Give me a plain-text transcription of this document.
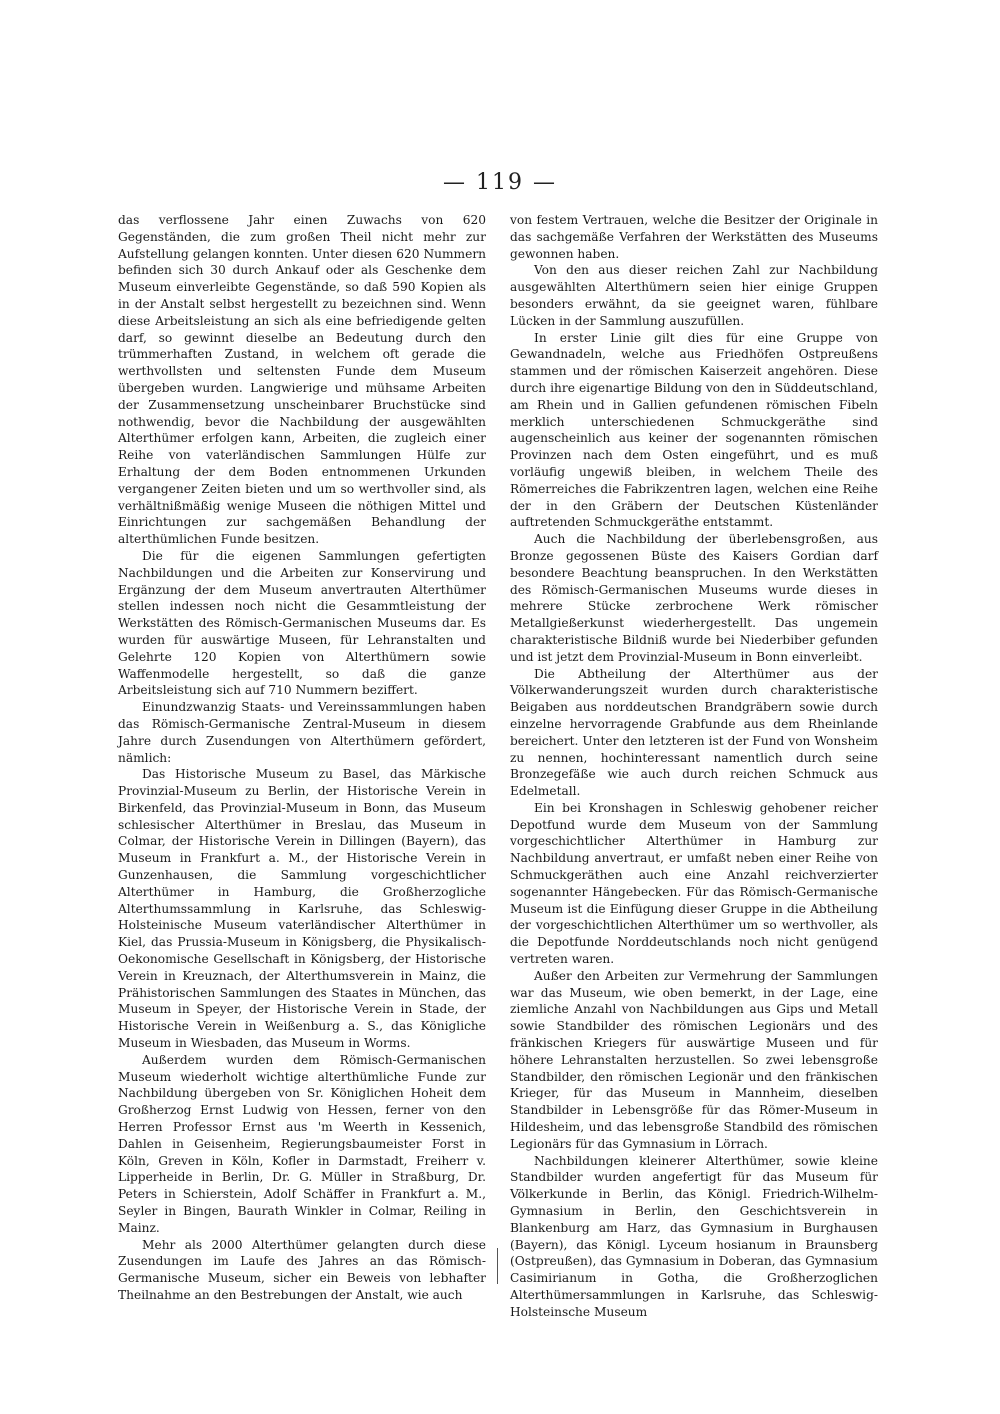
— 119 —

das verflossene Jahr einen Zuwachs von 620 Gegenständen, die zum großen Theil nicht mehr zur Aufstellung gelangen konnten. Unter diesen 620 Nummern befinden sich 30 durch Ankauf oder als Geschenke dem Museum einverleibte Gegenstände, so daß 590 Kopien als in der Anstalt selbst hergestellt zu bezeichnen sind. Wenn diese Arbeitsleistung an sich als eine befriedigende gelten darf, so gewinnt dieselbe an Bedeutung durch den trümmerhaften Zustand, in welchem oft gerade die werthvollsten und seltensten Funde dem Museum übergeben wurden. Langwierige und mühsame Arbeiten der Zusammensetzung unscheinbarer Bruchstücke sind nothwendig, bevor die Nachbildung der ausgewählten Alterthümer erfolgen kann, Arbeiten, die zugleich einer Reihe von vaterländischen Sammlungen Hülfe zur Erhaltung der dem Boden entnommenen Urkunden vergangener Zeiten bieten und um so werthvoller sind, als verhältnißmäßig wenige Museen die nöthigen Mittel und Einrichtungen zur sachgemäßen Behandlung der alterthümlichen Funde besitzen.

Die für die eigenen Sammlungen gefertigten Nachbildungen und die Arbeiten zur Konservirung und Ergänzung der dem Museum anvertrauten Alterthümer stellen indessen noch nicht die Gesammtleistung der Werkstätten des Römisch-Germanischen Museums dar. Es wurden für auswärtige Museen, für Lehranstalten und Gelehrte 120 Kopien von Alterthümern sowie Waffenmodelle hergestellt, so daß die ganze Arbeitsleistung sich auf 710 Nummern beziffert.

Einundzwanzig Staats- und Vereinssammlungen haben das Römisch-Germanische Zentral-Museum in diesem Jahre durch Zusendungen von Alterthümern gefördert, nämlich:

Das Historische Museum zu Basel, das Märkische Provinzial-Museum zu Berlin, der Historische Verein in Birkenfeld, das Provinzial-Museum in Bonn, das Museum schlesischer Alterthümer in Breslau, das Museum in Colmar, der Historische Verein in Dillingen (Bayern), das Museum in Frankfurt a. M., der Historische Verein in Gunzenhausen, die Sammlung vorgeschichtlicher Alterthümer in Hamburg, die Großherzogliche Alterthumssammlung in Karlsruhe, das Schleswig-Holsteinische Museum vaterländischer Alterthümer in Kiel, das Prussia-Museum in Königsberg, die Physikalisch-Oekonomische Gesellschaft in Königsberg, der Historische Verein in Kreuznach, der Alterthumsverein in Mainz, die Prähistorischen Sammlungen des Staates in München, das Museum in Speyer, der Historische Verein in Stade, der Historische Verein in Weißenburg a. S., das Königliche Museum in Wiesbaden, das Museum in Worms.

Außerdem wurden dem Römisch-Germanischen Museum wiederholt wichtige alterthümliche Funde zur Nachbildung übergeben von Sr. Königlichen Hoheit dem Großherzog Ernst Ludwig von Hessen, ferner von den Herren Professor Ernst aus 'm Weerth in Kessenich, Dahlen in Geisenheim, Regierungsbaumeister Forst in Köln, Greven in Köln, Kofler in Darmstadt, Freiherr v. Lipperheide in Berlin, Dr. G. Müller in Straßburg, Dr. Peters in Schierstein, Adolf Schäffer in Frankfurt a. M., Seyler in Bingen, Baurath Winkler in Colmar, Reiling in Mainz.

Mehr als 2000 Alterthümer gelangten durch diese Zusendungen im Laufe des Jahres an das Römisch-Germanische Museum, sicher ein Beweis von lebhafter Theilnahme an den Bestrebungen der Anstalt, wie auch

von festem Vertrauen, welche die Besitzer der Originale in das sachgemäße Verfahren der Werkstätten des Museums gewonnen haben.

Von den aus dieser reichen Zahl zur Nachbildung ausgewählten Alterthümern seien hier einige Gruppen besonders erwähnt, da sie geeignet waren, fühlbare Lücken in der Sammlung auszufüllen.

In erster Linie gilt dies für eine Gruppe von Gewandnadeln, welche aus Friedhöfen Ostpreußens stammen und der römischen Kaiserzeit angehören. Diese durch ihre eigenartige Bildung von den in Süddeutschland, am Rhein und in Gallien gefundenen römischen Fibeln merklich unterschiedenen Schmuckgeräthe sind augenscheinlich aus keiner der sogenannten römischen Provinzen nach dem Osten eingeführt, und es muß vorläufig ungewiß bleiben, in welchem Theile des Römerreiches die Fabrikzentren lagen, welchen eine Reihe der in den Gräbern der Deutschen Küstenländer auftretenden Schmuckgeräthe entstammt.

Auch die Nachbildung der überlebensgroßen, aus Bronze gegossenen Büste des Kaisers Gordian darf besondere Beachtung beanspruchen. In den Werkstätten des Römisch-Germanischen Museums wurde dieses in mehrere Stücke zerbrochene Werk römischer Metallgießerkunst wiederhergestellt. Das ungemein charakteristische Bildniß wurde bei Niederbiber gefunden und ist jetzt dem Provinzial-Museum in Bonn einverleibt.

Die Abtheilung der Alterthümer aus der Völkerwanderungszeit wurden durch charakteristische Beigaben aus norddeutschen Brandgräbern sowie durch einzelne hervorragende Grabfunde aus dem Rheinlande bereichert. Unter den letzteren ist der Fund von Wonsheim zu nennen, hochinteressant namentlich durch seine Bronzegefäße wie auch durch reichen Schmuck aus Edelmetall.

Ein bei Kronshagen in Schleswig gehobener reicher Depotfund wurde dem Museum von der Sammlung vorgeschichtlicher Alterthümer in Hamburg zur Nachbildung anvertraut, er umfaßt neben einer Reihe von Schmuckgeräthen auch eine Anzahl reichverzierter sogenannter Hängebecken. Für das Römisch-Germanische Museum ist die Einfügung dieser Gruppe in die Abtheilung der vorgeschichtlichen Alterthümer um so werthvoller, als die Depotfunde Norddeutschlands noch nicht genügend vertreten waren.

Außer den Arbeiten zur Vermehrung der Sammlungen war das Museum, wie oben bemerkt, in der Lage, eine ziemliche Anzahl von Nachbildungen aus Gips und Metall sowie Standbilder des römischen Legionärs und des fränkischen Kriegers für auswärtige Museen und für höhere Lehranstalten herzustellen. So zwei lebensgroße Standbilder, den römischen Legionär und den fränkischen Krieger, für das Museum in Mannheim, dieselben Standbilder in Lebensgröße für das Römer-Museum in Hildesheim, und das lebensgroße Standbild des römischen Legionärs für das Gymnasium in Lörrach.

Nachbildungen kleinerer Alterthümer, sowie kleine Standbilder wurden angefertigt für das Museum für Völkerkunde in Berlin, das Königl. Friedrich-Wilhelm-Gymnasium in Berlin, den Geschichtsverein in Blankenburg am Harz, das Gymnasium in Burghausen (Bayern), das Königl. Lyceum hosianum in Braunsberg (Ostpreußen), das Gymnasium in Doberan, das Gymnasium Casimirianum in Gotha, die Großherzoglichen Alterthümersammlungen in Karlsruhe, das Schleswig-Holsteinsche Museum
